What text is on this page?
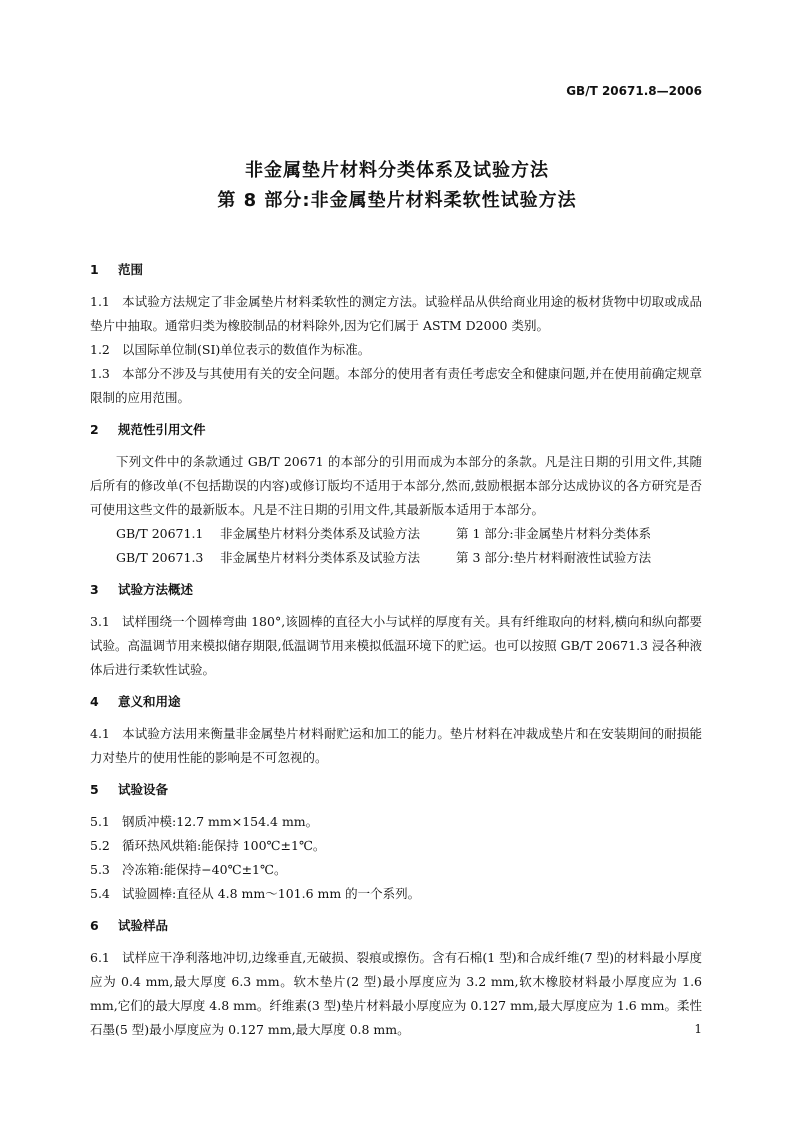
GB/T 20671.8—2006
非金属垫片材料分类体系及试验方法
第 8 部分:非金属垫片材料柔软性试验方法
1 范围

1.1 本试验方法规定了非金属垫片材料柔软性的测定方法。试验样品从供给商业用途的板材货物中切取或成品垫片中抽取。通常归类为橡胶制品的材料除外,因为它们属于 ASTM D2000 类别。

1.2 以国际单位制(SI)单位表示的数值作为标准。

1.3 本部分不涉及与其使用有关的安全问题。本部分的使用者有责任考虑安全和健康问题,并在使用前确定规章限制的应用范围。

2 规范性引用文件

下列文件中的条款通过 GB/T 20671 的本部分的引用而成为本部分的条款。凡是注日期的引用文件,其随后所有的修改单(不包括勘误的内容)或修订版均不适用于本部分,然而,鼓励根据本部分达成协议的各方研究是否可使用这些文件的最新版本。凡是不注日期的引用文件,其最新版本适用于本部分。

GB/T 20671.1 非金属垫片材料分类体系及试验方法	第 1 部分:非金属垫片材料分类体系

GB/T 20671.3 非金属垫片材料分类体系及试验方法	第 3 部分:垫片材料耐液性试验方法

3 试验方法概述

3.1 试样围绕一个圆棒弯曲 180°,该圆棒的直径大小与试样的厚度有关。具有纤维取向的材料,横向和纵向都要试验。高温调节用来模拟储存期限,低温调节用来模拟低温环境下的贮运。也可以按照 GB/T 20671.3 浸各种液体后进行柔软性试验。

4 意义和用途

4.1 本试验方法用来衡量非金属垫片材料耐贮运和加工的能力。垫片材料在冲裁成垫片和在安装期间的耐损能力对垫片的使用性能的影响是不可忽视的。

5 试验设备

5.1 钢质冲模:12.7 mm×154.4 mm。

5.2 循环热风烘箱:能保持 100℃±1℃。

5.3 冷冻箱:能保持−40℃±1℃。

5.4 试验圆棒:直径从 4.8 mm～101.6 mm 的一个系列。

6 试验样品

6.1 试样应干净利落地冲切,边缘垂直,无破损、裂痕或擦伤。含有石棉(1 型)和合成纤维(7 型)的材料最小厚度应为 0.4 mm,最大厚度 6.3 mm。软木垫片(2 型)最小厚度应为 3.2 mm,软木橡胶材料最小厚度应为 1.6 mm,它们的最大厚度 4.8 mm。纤维素(3 型)垫片材料最小厚度应为 0.127 mm,最大厚度应为 1.6 mm。柔性石墨(5 型)最小厚度应为 0.127 mm,最大厚度 0.8 mm。	1
